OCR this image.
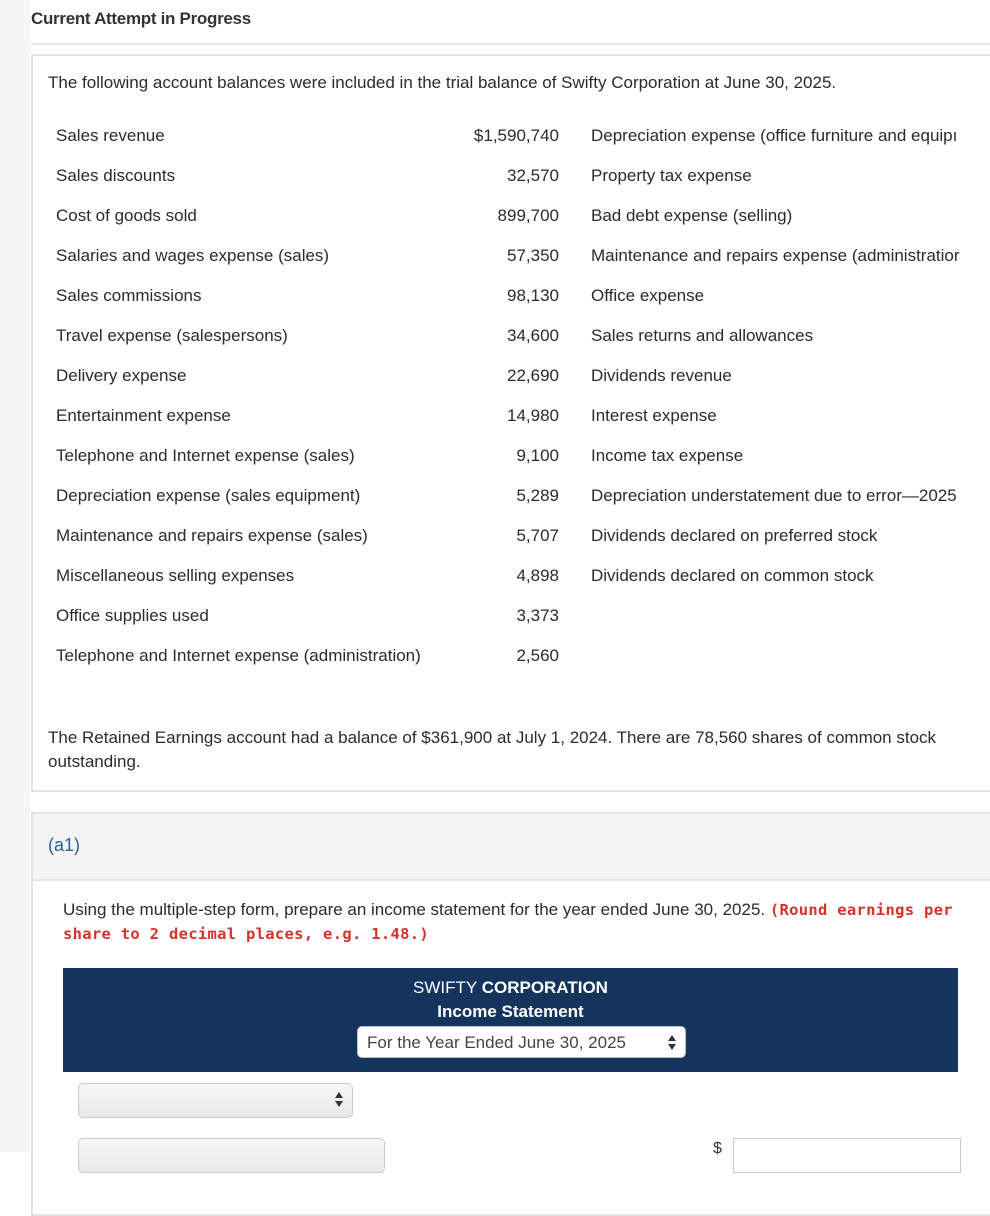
Current Attempt in Progress
The following account balances were included in the trial balance of Swifty Corporation at June 30, 2025.
Sales revenue	$1,590,740 Depreciation expense (office furniture and equipı
Sales discounts	32,570 Property tax expense
Cost of goods sold	899,700 Bad debt expense (selling)
Salaries and wages expense (sales)	57,350 Maintenance and repairs expense (administratior
Sales commissions	98,130 Office expense
Travel expense (salespersons)	34,600 Sales returns and allowances
Delivery expense	22,690 Dividends revenue
Entertainment expense	14,980 Interest expense
Telephone and Internet expense (sales)	9,100 Income tax expense
Depreciation expense (sales equipment)	5,289 Depreciation understatement due to error—2025
Maintenance and repairs expense (sales)	5,707 Dividends declared on preferred stock
Miscellaneous selling expenses	4,898 Dividends declared on common stock
Office supplies used	3,373
Telephone and Internet expense (administration)	2,560
The Retained Earnings account had a balance of $361,900 at July 1, 2024. There are 78,560 shares of common stock outstanding.
(a1)
Using the multiple-step form, prepare an income statement for the year ended June 30, 2025. (Round earnings per share to 2 decimal places, e.g. 1.48.)
SWIFTY CORPORATION
Income Statement
For the Year Ended June 30, 2025
$
